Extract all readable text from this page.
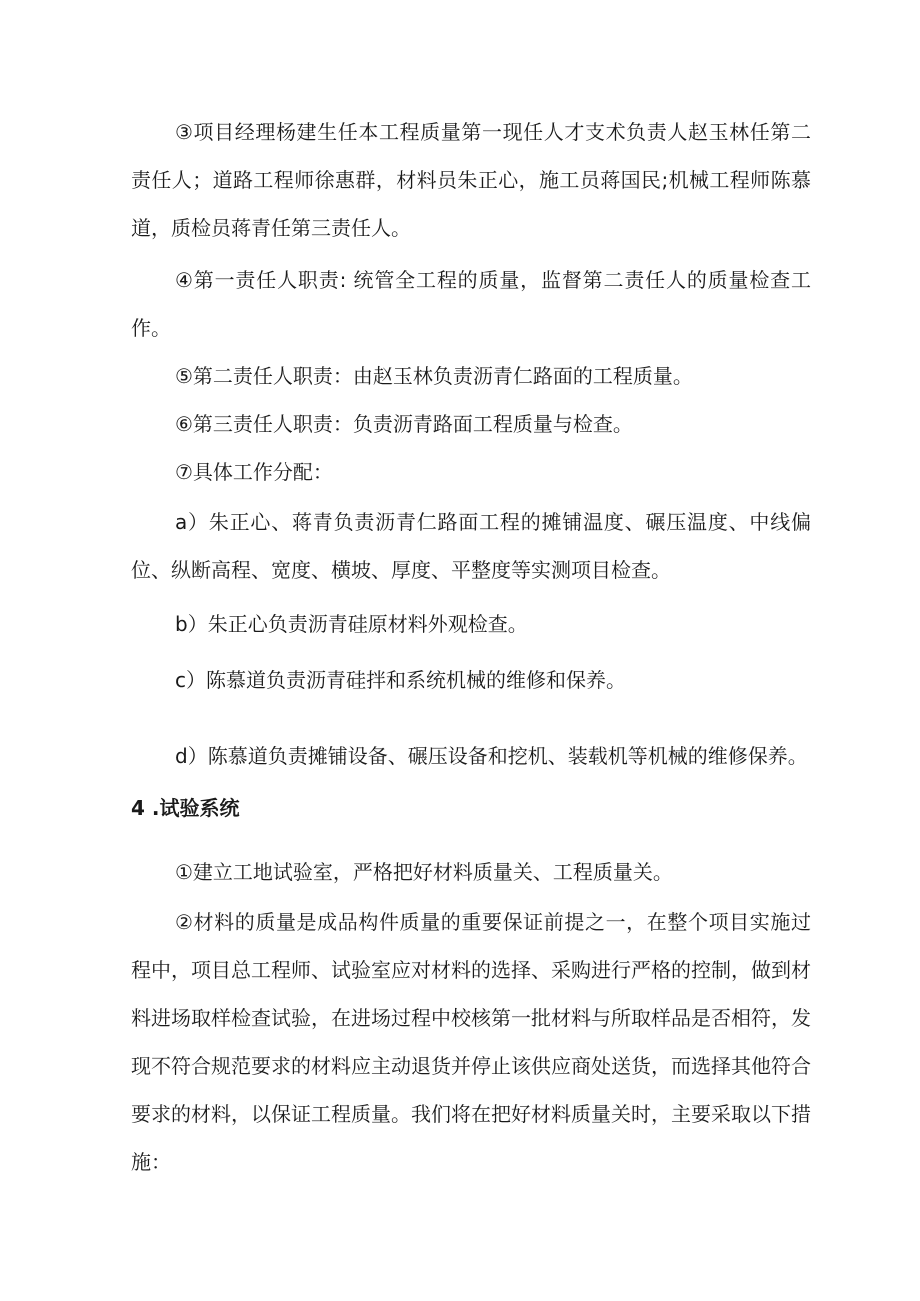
③项目经理杨建生任本工程质量第一现任人才支术负责人赵玉林任第二责任人；道路工程师徐惠群，材料员朱正心，施工员蒋国民;机械工程师陈慕道，质检员蒋青任第三责任人。

④第一责任人职责: 统管全工程的质量，监督第二责任人的质量检查工作。

⑤第二责任人职责：由赵玉林负责沥青仁路面的工程质量。

⑥第三责任人职责：负责沥青路面工程质量与检查。

⑦具体工作分配：

a）朱正心、蒋青负责沥青仁路面工程的摊铺温度、碾压温度、中线偏位、纵断高程、宽度、横坡、厚度、平整度等实测项目检查。

b）朱正心负责沥青硅原材料外观检查。

c）陈慕道负责沥青硅拌和系统机械的维修和保养。

d）陈慕道负责摊铺设备、碾压设备和挖机、装载机等机械的维修保养。

4 .试验系统

①建立工地试验室，严格把好材料质量关、工程质量关。

②材料的质量是成品构件质量的重要保证前提之一，在整个项目实施过程中，项目总工程师、试验室应对材料的选择、采购进行严格的控制，做到材料进场取样检查试验，在进场过程中校核第一批材料与所取样品是否相符，发现不符合规范要求的材料应主动退货并停止该供应商处送货，而选择其他符合要求的材料，以保证工程质量。我们将在把好材料质量关时，主要采取以下措施：
